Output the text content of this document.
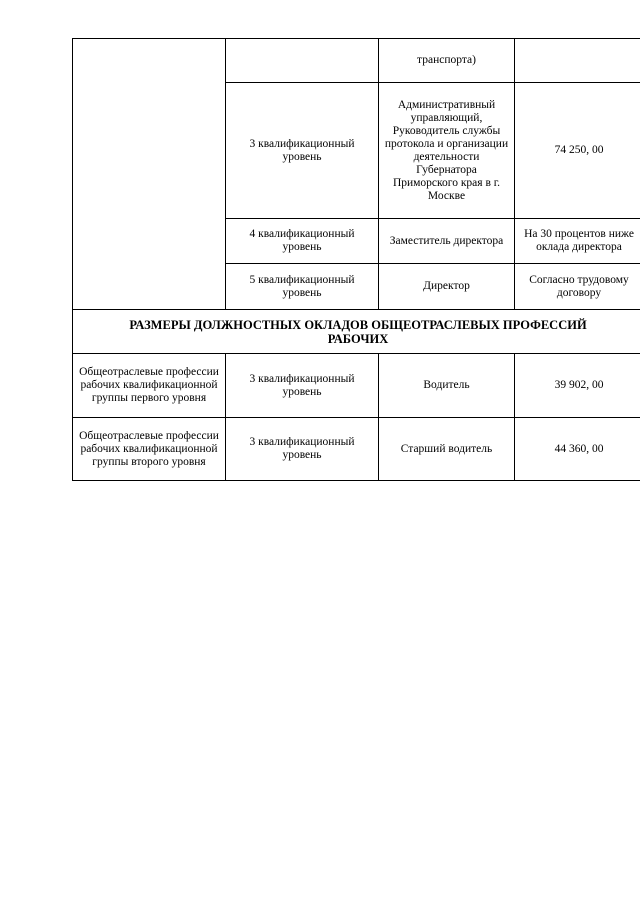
		транспорта)	
	3 квалификационный уровень	Административный управляющий, Руководитель службы протокола и организации деятельности Губернатора Приморского края в г. Москве	74 250, 00
	4 квалификационный уровень	Заместитель директора	На 30 процентов ниже оклада директора
	5 квалификационный уровень	Директор	Согласно трудовому договору
РАЗМЕРЫ ДОЛЖНОСТНЫХ ОКЛАДОВ ОБЩЕОТРАСЛЕВЫХ ПРОФЕССИЙ
РАБОЧИХ			
Общеотраслевые профессии рабочих квалификационной группы первого уровня	3 квалификационный уровень	Водитель	39 902, 00
Общеотраслевые профессии рабочих квалификационной группы второго уровня	3 квалификационный уровень	Старший водитель	44 360, 00
